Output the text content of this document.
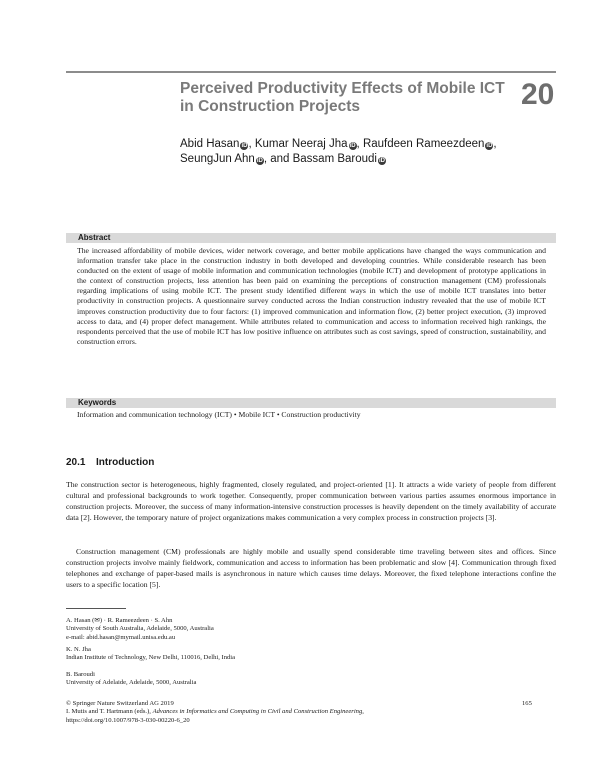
Perceived Productivity Effects of Mobile ICT
in Construction Projects	20
Abid Hasan iD, Kumar Neeraj Jha iD, Raufdeen Rameezdeen iD,
SeungJun Ahn iD, and Bassam Baroudi iD
Abstract

The increased affordability of mobile devices, wider network coverage, and better mobile applications have changed the ways communication and information transfer take place in the construction industry in both developed and developing countries. While considerable research has been conducted on the extent of usage of mobile information and communication technologies (mobile ICT) and development of prototype applications in the context of construction projects, less attention has been paid on examining the perceptions of construction management (CM) professionals regarding implications of using mobile ICT. The present study identified different ways in which the use of mobile ICT translates into better productivity in construction projects. A questionnaire survey conducted across the Indian construction industry revealed that the use of mobile ICT improves construction productivity due to four factors: (1) improved communication and information flow, (2) better project execution, (3) improved access to data, and (4) proper defect management. While attributes related to communication and access to information received high rankings, the respondents perceived that the use of mobile ICT has low positive influence on attributes such as cost savings, speed of construction, sustainability, and construction errors.

Keywords

Information and communication technology (ICT) • Mobile ICT • Construction productivity

20.1 Introduction

The construction sector is heterogeneous, highly fragmented, closely regulated, and project-oriented [1]. It attracts a wide variety of people from different cultural and professional backgrounds to work together. Consequently, proper communication between various parties assumes enormous importance in construction projects. Moreover, the success of many information-intensive construction processes is heavily dependent on the timely availability of accurate data [2]. However, the temporary nature of project organizations makes communication a very complex process in construction projects [3].

Construction management (CM) professionals are highly mobile and usually spend considerable time traveling between sites and offices. Since construction projects involve mainly fieldwork, communication and access to information has been problematic and slow [4]. Communication through fixed telephones and exchange of paper-based mails is asynchronous in nature which causes time delays. Moreover, the fixed telephone interactions confine the users to a specific location [5].

A. Hasan (✉) · R. Rameezdeen · S. Ahn
University of South Australia, Adelaide, 5000, Australia
e-mail: abid.hasan@mymail.unisa.edu.au
K. N. Jha
Indian Institute of Technology, New Delhi, 110016, Delhi, India
B. Baroudi
University of Adelaide, Adelaide, 5000, Australia
© Springer Nature Switzerland AG 2019
I. Mutis and T. Hartmann (eds.), Advances in Informatics and Computing in Civil and Construction Engineering,
https://doi.org/10.1007/978-3-030-00220-6_20
165
